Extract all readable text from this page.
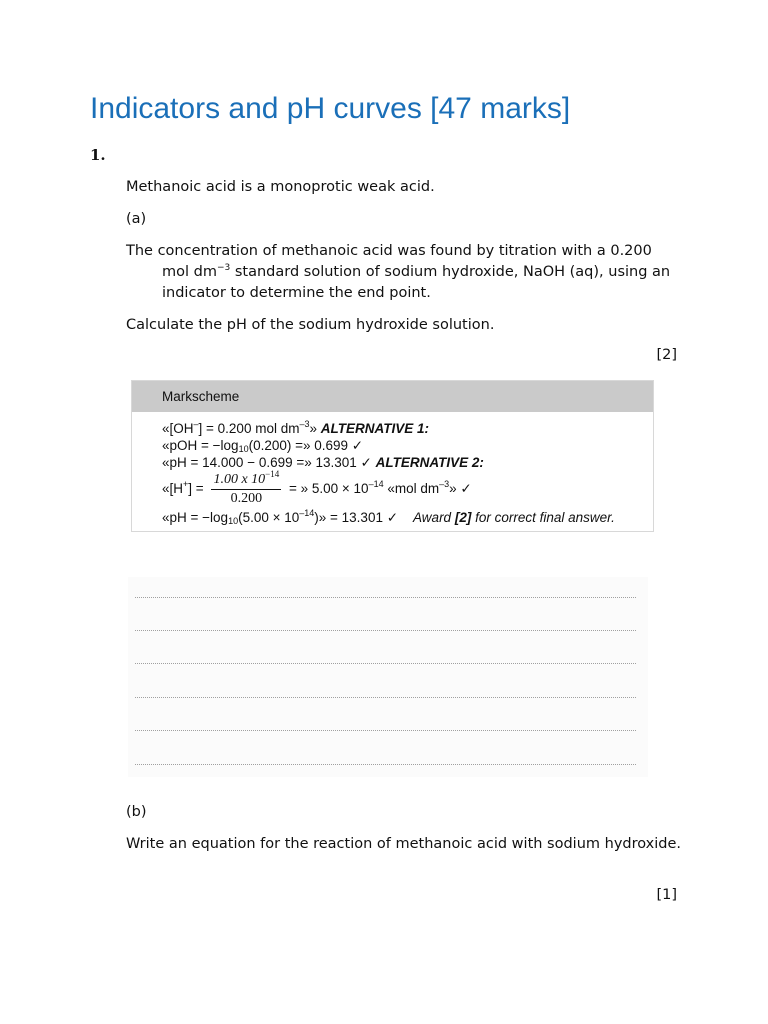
Indicators and pH curves [47 marks]
1.

Methanoic acid is a monoprotic weak acid.

(a)

The concentration of methanoic acid was found by titration with a 0.200 mol $dm^{-3}$ standard solution of sodium hydroxide, NaOH (aq), using an indicator to determine the end point.

Calculate the pH of the sodium hydroxide solution.

[2]
Markscheme
«[OH–] = 0.200 mol $dm^{-3}$» ALTERNATIVE 1:
«pOH = $-\log_{10}(0.200)$ =» 0.699 ✓
«pH = 14.000 − 0.699 =» 13.301 ✓ ALTERNATIVE 2:
«$[H^+] = \frac{1.00 x 10^{-14}}{0.200}$ = » $5.00 \times 10^{-14}$ «mol $dm^{-3}$» ✓
«pH = $-\log_{10}(5.00 \times 10^{-14})$» = 13.301 ✓ Award [2] for correct final answer.

(b)

Write an equation for the reaction of methanoic acid with sodium hydroxide.

[1]
